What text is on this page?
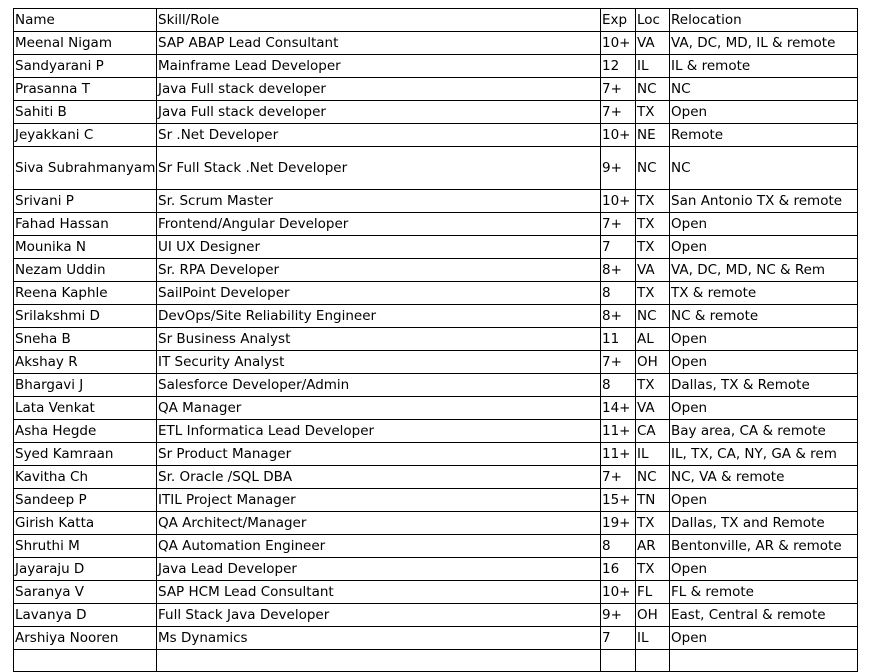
Name	Skill/Role	Exp	Loc	Relocation
Meenal Nigam	SAP ABAP Lead Consultant	10+	VA	VA, DC, MD, IL & remote
Sandyarani P	Mainframe Lead Developer	12	IL	IL & remote
Prasanna T	Java Full stack developer	7+	NC	NC
Sahiti B	Java Full stack developer	7+	TX	Open
Jeyakkani C	Sr .Net Developer	10+	NE	Remote
Siva Subrahmanyam	Sr Full Stack .Net Developer	9+	NC	NC
Srivani P	Sr. Scrum Master	10+	TX	San Antonio TX & remote
Fahad Hassan	Frontend/Angular Developer	7+	TX	Open
Mounika N	UI UX Designer	7	TX	Open
Nezam Uddin	Sr. RPA Developer	8+	VA	VA, DC, MD, NC & Rem
Reena Kaphle	SailPoint Developer	8	TX	TX & remote
Srilakshmi D	DevOps/Site Reliability Engineer	8+	NC	NC & remote
Sneha B	Sr Business Analyst	11	AL	Open
Akshay R	IT Security Analyst	7+	OH	Open
Bhargavi J	Salesforce Developer/Admin	8	TX	Dallas, TX & Remote
Lata Venkat	QA Manager	14+	VA	Open
Asha Hegde	ETL Informatica Lead Developer	11+	CA	Bay area, CA & remote
Syed Kamraan	Sr Product Manager	11+	IL	IL, TX, CA, NY, GA & rem
Kavitha Ch	Sr. Oracle /SQL DBA	7+	NC	NC, VA & remote
Sandeep P	ITIL Project Manager	15+	TN	Open
Girish Katta	QA Architect/Manager	19+	TX	Dallas, TX and Remote
Shruthi M	QA Automation Engineer	8	AR	Bentonville, AR & remote
Jayaraju D	Java Lead Developer	16	TX	Open
Saranya V	SAP HCM Lead Consultant	10+	FL	FL & remote
Lavanya D	Full Stack Java Developer	9+	OH	East, Central & remote
Arshiya Nooren	Ms Dynamics	7	IL	Open
